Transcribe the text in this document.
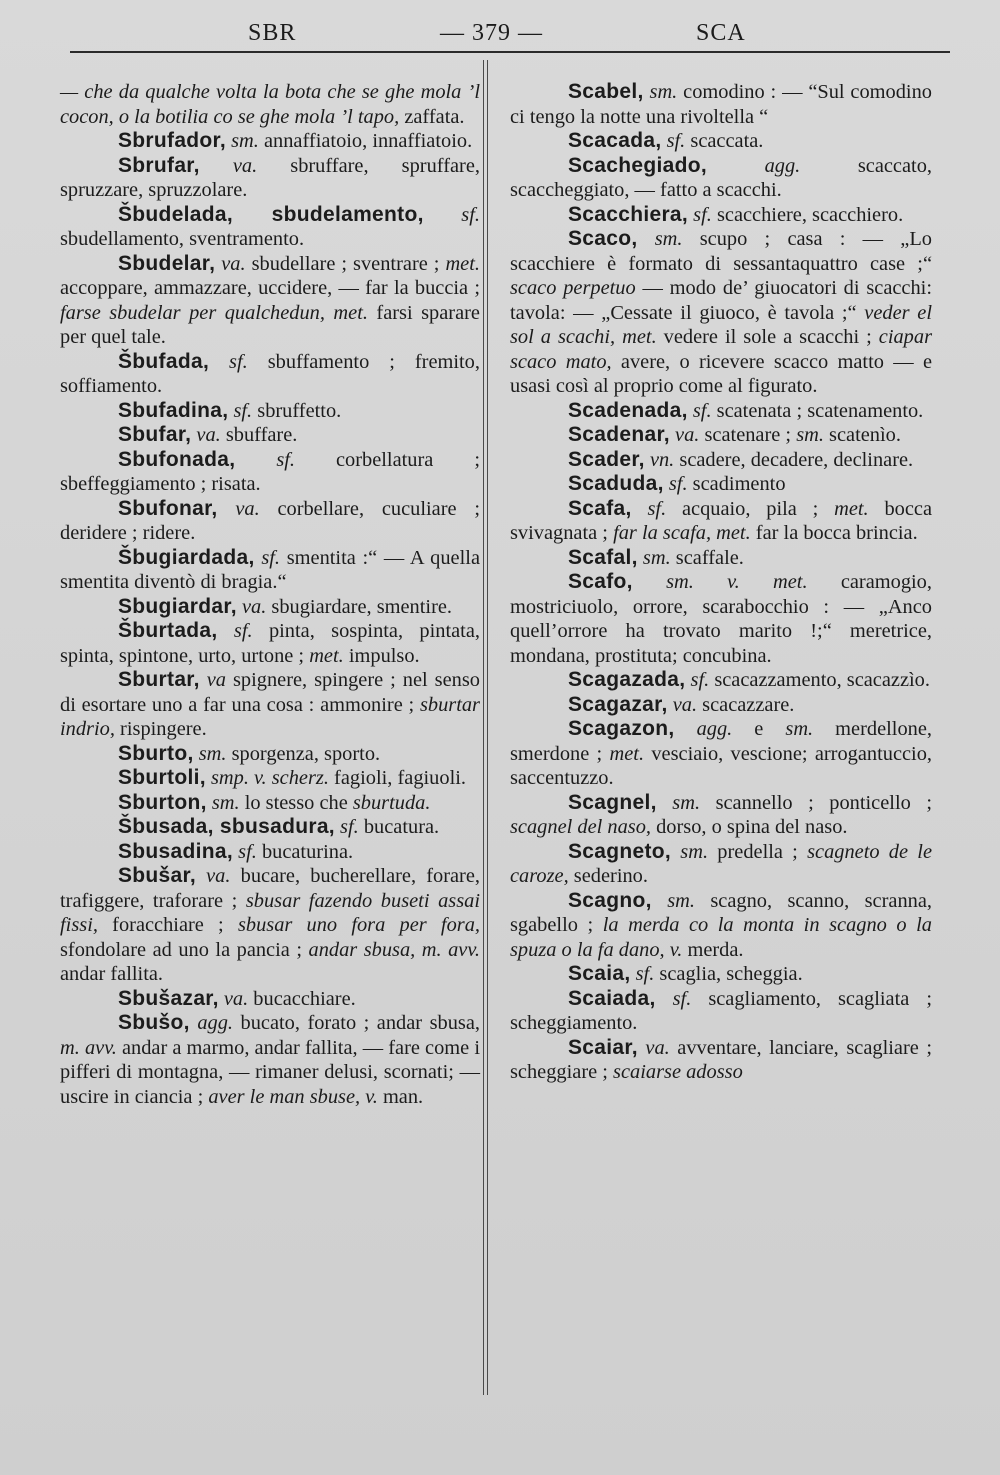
SBR	— 379 —	SCA

— che da qualche volta la bota che se ghe mola ’l cocon, o la botilia co se ghe mola ’l tapo, zaffata.

Sbrufador, sm. annaffiatoio, innaffiatoio.

Sbrufar, va. sbruffare, spruffare, spruzzare, spruzzolare.

Šbudelada, sbudelamento, sf. sbudellamento, sventramento.

Sbudelar, va. sbudellare ; sventrare ; met. accoppare, ammazzare, uccidere, — far la buccia ; farse sbudelar per qualchedun, met. farsi sparare per quel tale.

Šbufada, sf. sbuffamento ; fremito, soffiamento.

Sbufadina, sf. sbruffetto.

Sbufar, va. sbuffare.

Sbufonada, sf. corbellatura ; sbeffeggiamento ; risata.

Sbufonar, va. corbellare, cuculiare ; deridere ; ridere.

Šbugiardada, sf. smentita :“ — A quella smentita diventò di bragia.“

Sbugiardar, va. sbugiardare, smentire.

Šburtada, sf. pinta, sospinta, pintata, spinta, spintone, urto, urtone ; met. impulso.

Sburtar, va spignere, spingere ; nel senso di esortare uno a far una cosa : ammonire ; sburtar indrio, rispingere.

Sburto, sm. sporgenza, sporto.

Sburtoli, smp. v. scherz. fagioli, fagiuoli.

Sburton, sm. lo stesso che sburtuda.

Šbusada, sbusadura, sf. bucatura.

Sbusadina, sf. bucaturina.

Sbušar, va. bucare, bucherellare, forare, trafiggere, traforare ; sbusar fazendo buseti assai fissi, foracchiare ; sbusar uno fora per fora, sfondolare ad uno la pancia ; andar sbusa, m. avv. andar fallita.

Sbušazar, va. bucacchiare.

Sbušo, agg. bucato, forato ; andar sbusa, m. avv. andar a marmo, andar fallita, — fare come i pifferi di montagna, — rimaner delusi, scornati; — uscire in ciancia ; aver le man sbuse, v. man.

Scabel, sm. comodino : — “Sul comodino ci tengo la notte una rivoltella “

Scacada, sf. scaccata.

Scachegiado,	agg. scaccato, scaccheggiato, — fatto a scacchi.

Scacchiera, sf. scacchiere, scacchiero.

Scaco, sm. scupo ; casa : — „Lo scacchiere è formato di sessantaquattro case ;“ scaco perpetuo — modo de’ giuocatori di scacchi: tavola: — „Cessate il giuoco, è tavola ;“ veder el sol a scachi, met. vedere il sole a scacchi ; ciapar scaco mato, avere, o ricevere scacco matto — e usasi così al proprio come al figurato.

Scadenada, sf. scatenata ; scatenamento.

Scadenar, va. scatenare ; sm. scatenìo.

Scader, vn. scadere, decadere, declinare.

Scaduda, sf. scadimento

Scafa, sf. acquaio, pila ; met. bocca svivagnata ; far la scafa, met. far la bocca brincia.

Scafal, sm. scaffale.

Scafo, sm. v. met. caramogio, mostriciuolo, orrore, scarabocchio : — „Anco quell’orrore ha trovato marito !;“ meretrice, mondana, prostituta; concubina.

Scagazada, sf. scacazzamento, scacazzìo.

Scagazar, va. scacazzare.

Scagazon, agg. e sm. merdellone, smerdone ; met. vesciaio, vescione; arrogantuccio, saccentuzzo.

Scagnel, sm. scannello ; ponticello ; scagnel del naso, dorso, o spina del naso.

Scagneto, sm. predella ; scagneto de le caroze, sederino.

Scagno, sm. scagno, scanno, scranna, sgabello ; la merda co la monta in scagno o la spuza o la fa dano, v. merda.

Scaia, sf. scaglia, scheggia.

Scaiada, sf. scagliamento, scagliata ; scheggiamento.

Scaiar, va. avventare, lanciare, scagliare ; scheggiare ; scaiarse adosso
